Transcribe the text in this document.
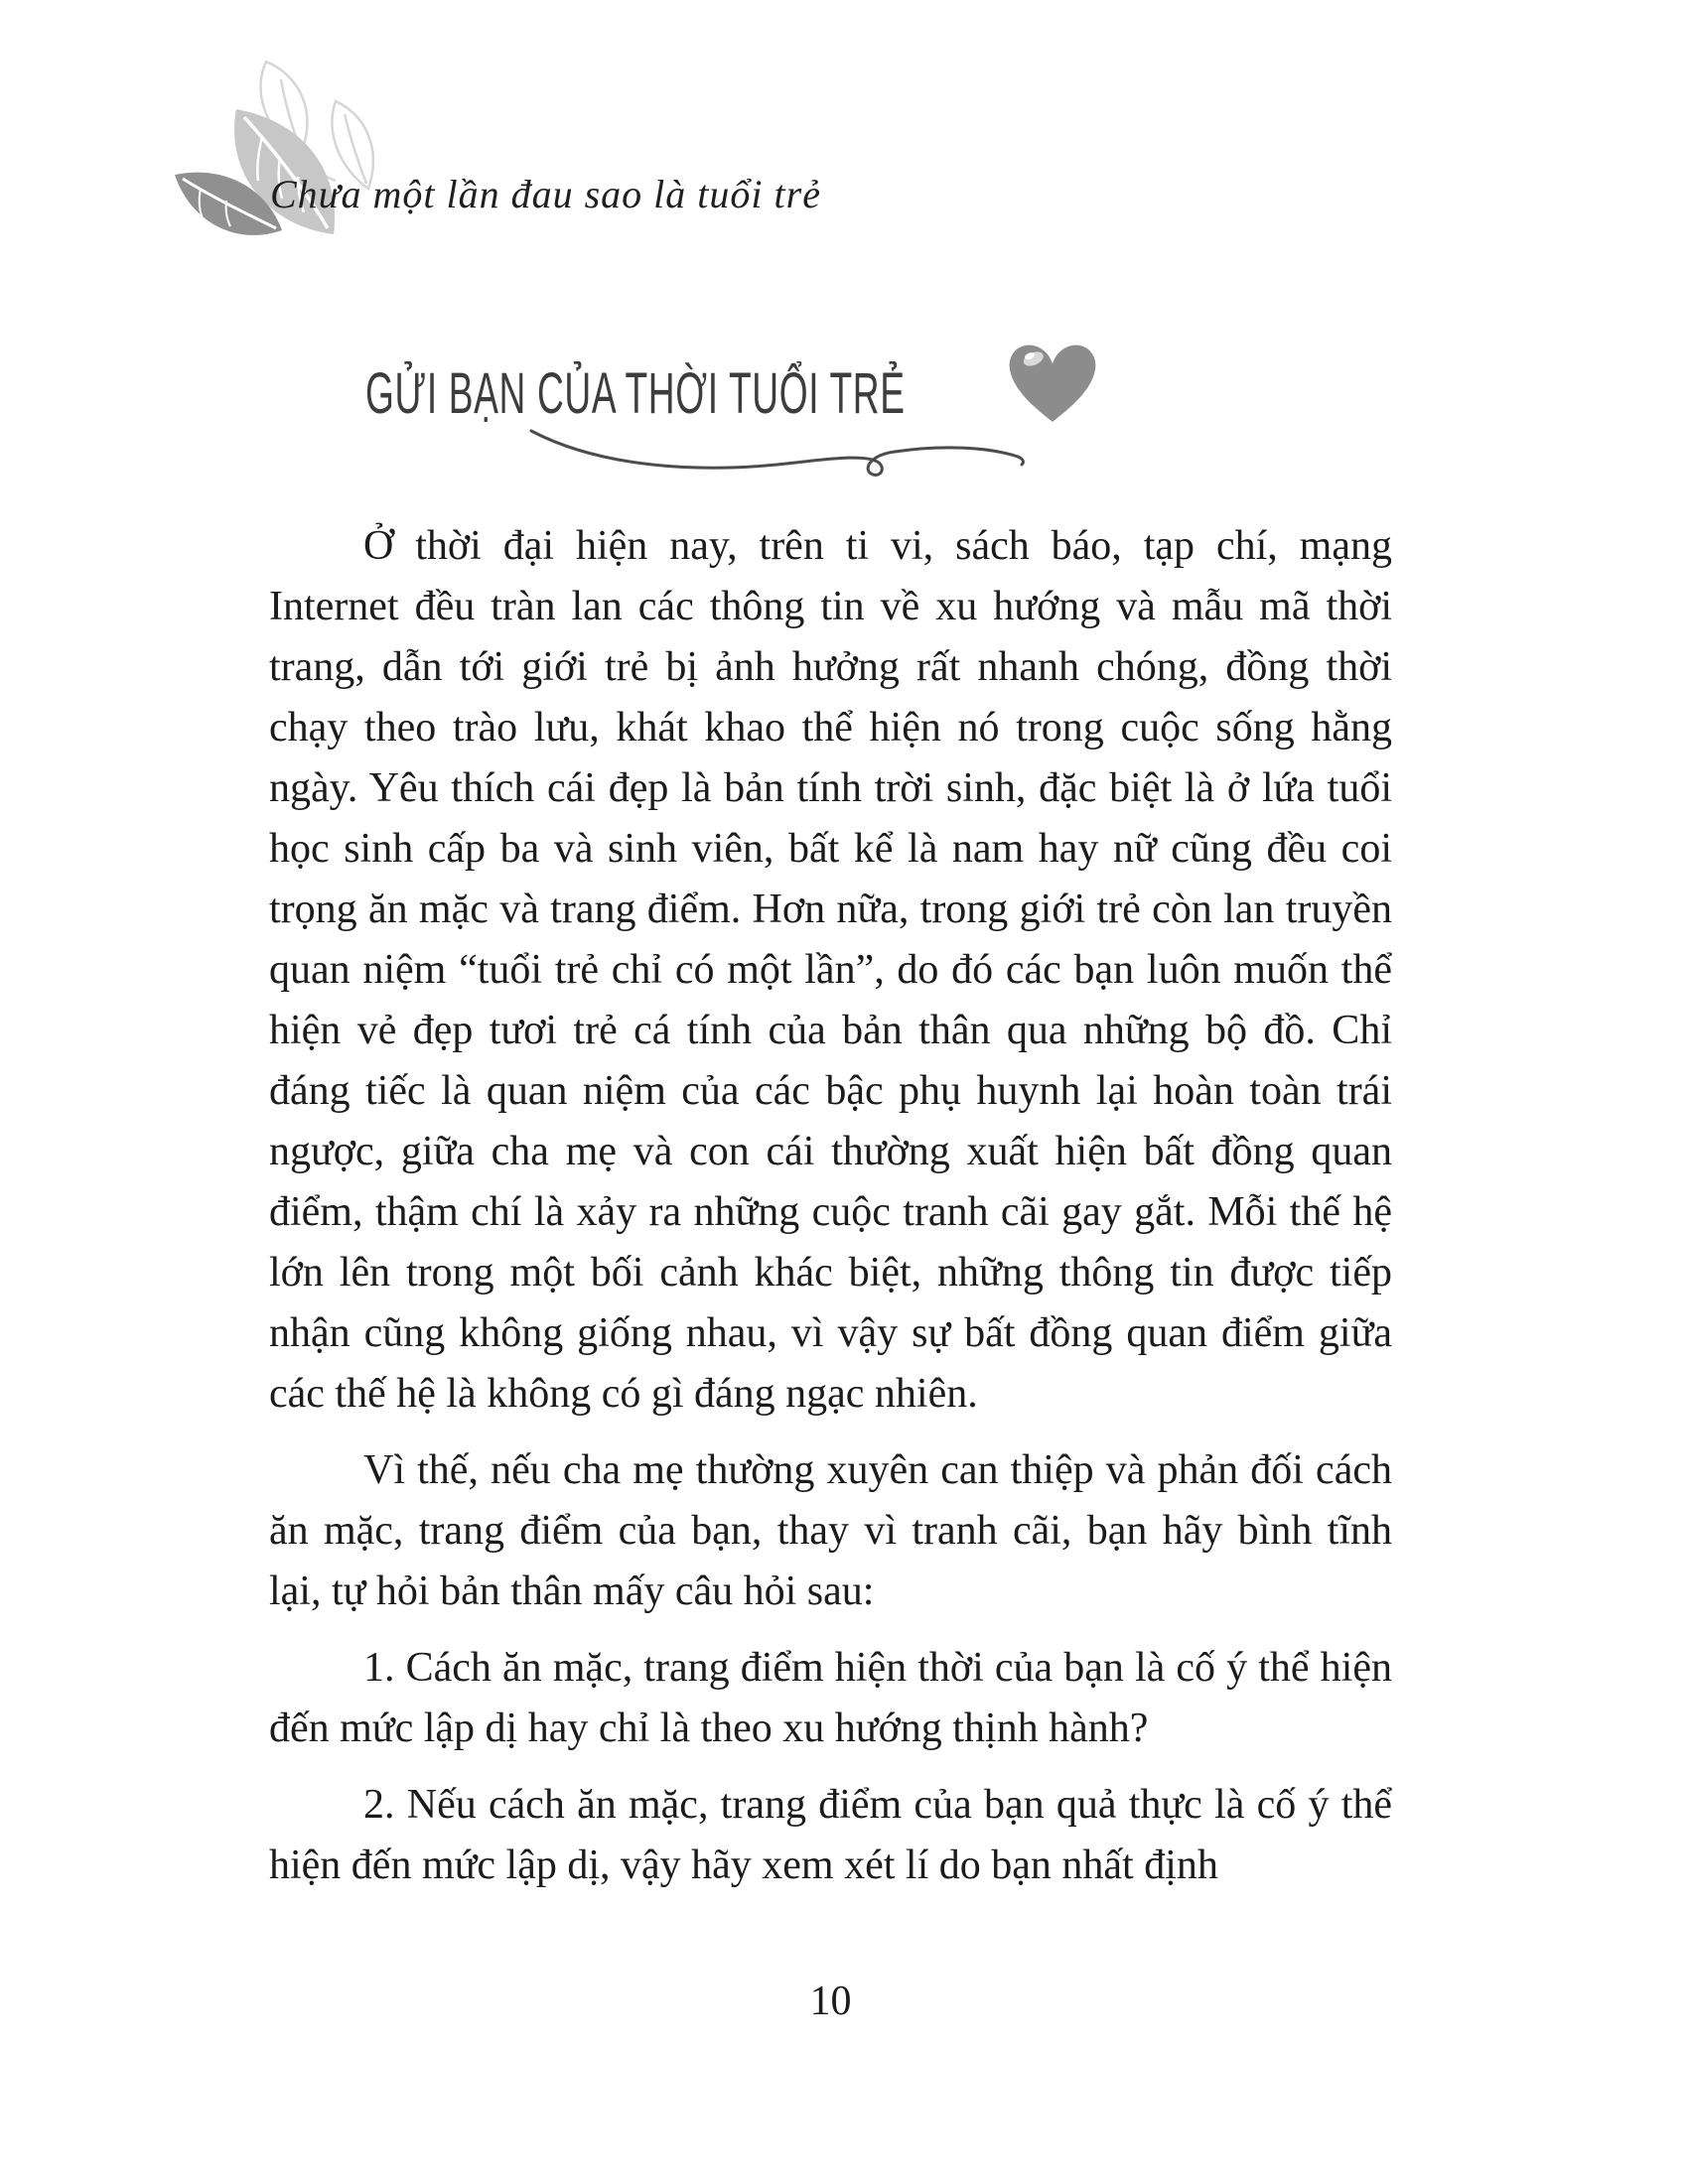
Chưa một lần đau sao là tuổi trẻ
GỬI BẠN CỦA THỜI TUỔI TRẺ

Ở thời đại hiện nay, trên ti vi, sách báo, tạp chí, mạng Internet đều tràn lan các thông tin về xu hướng và mẫu mã thời trang, dẫn tới giới trẻ bị ảnh hưởng rất nhanh chóng, đồng thời chạy theo trào lưu, khát khao thể hiện nó trong cuộc sống hằng ngày. Yêu thích cái đẹp là bản tính trời sinh, đặc biệt là ở lứa tuổi học sinh cấp ba và sinh viên, bất kể là nam hay nữ cũng đều coi trọng ăn mặc và trang điểm. Hơn nữa, trong giới trẻ còn lan truyền quan niệm “tuổi trẻ chỉ có một lần”, do đó các bạn luôn muốn thể hiện vẻ đẹp tươi trẻ cá tính của bản thân qua những bộ đồ. Chỉ đáng tiếc là quan niệm của các bậc phụ huynh lại hoàn toàn trái ngược, giữa cha mẹ và con cái thường xuất hiện bất đồng quan điểm, thậm chí là xảy ra những cuộc tranh cãi gay gắt. Mỗi thế hệ lớn lên trong một bối cảnh khác biệt, những thông tin được tiếp nhận cũng không giống nhau, vì vậy sự bất đồng quan điểm giữa các thế hệ là không có gì đáng ngạc nhiên.

Vì thế, nếu cha mẹ thường xuyên can thiệp và phản đối cách ăn mặc, trang điểm của bạn, thay vì tranh cãi, bạn hãy bình tĩnh lại, tự hỏi bản thân mấy câu hỏi sau:

1. Cách ăn mặc, trang điểm hiện thời của bạn là cố ý thể hiện đến mức lập dị hay chỉ là theo xu hướng thịnh hành?

2. Nếu cách ăn mặc, trang điểm của bạn quả thực là cố ý thể hiện đến mức lập dị, vậy hãy xem xét lí do bạn nhất định

10
